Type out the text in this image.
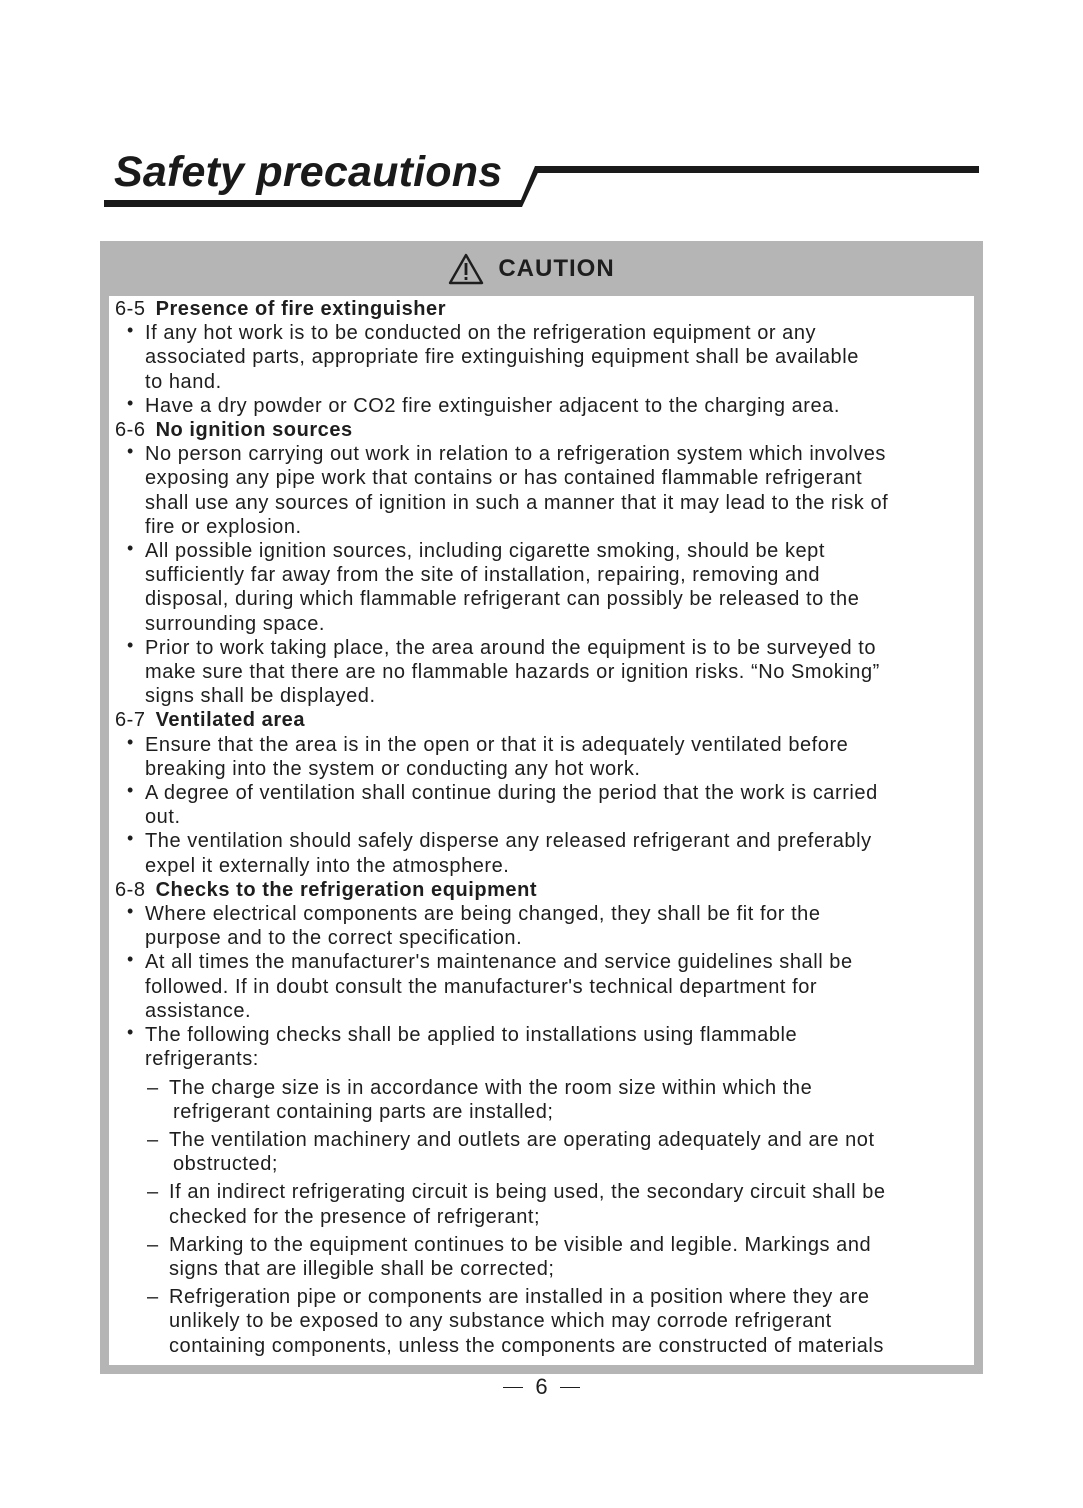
Safety precautions
CAUTION
6-5 Presence of fire extinguisher
• If any hot work is to be conducted on the refrigeration equipment or any
associated parts, appropriate fire extinguishing equipment shall be available
to hand.
• Have a dry powder or CO2 fire extinguisher adjacent to the charging area.
6-6 No ignition sources
• No person carrying out work in relation to a refrigeration system which involves
exposing any pipe work that contains or has contained flammable refrigerant
shall use any sources of ignition in such a manner that it may lead to the risk of
fire or explosion.
• All possible ignition sources, including cigarette smoking, should be kept
sufficiently far away from the site of installation, repairing, removing and
disposal, during which flammable refrigerant can possibly be released to the
surrounding space.
• Prior to work taking place, the area around the equipment is to be surveyed to
make sure that there are no flammable hazards or ignition risks. “No Smoking”
signs shall be displayed.
6-7 Ventilated area
• Ensure that the area is in the open or that it is adequately ventilated before
breaking into the system or conducting any hot work.
• A degree of ventilation shall continue during the period that the work is carried
out.
• The ventilation should safely disperse any released refrigerant and preferably
expel it externally into the atmosphere.
6-8 Checks to the refrigeration equipment
• Where electrical components are being changed, they shall be fit for the
purpose and to the correct specification.
• At all times the manufacturer's maintenance and service guidelines shall be
followed. If in doubt consult the manufacturer's technical department for
assistance.
• The following checks shall be applied to installations using flammable
refrigerants:
– The charge size is in accordance with the room size within which the
refrigerant containing parts are installed;
– The ventilation machinery and outlets are operating adequately and are not
obstructed;
– If an indirect refrigerating circuit is being used, the secondary circuit shall be
checked for the presence of refrigerant;
– Marking to the equipment continues to be visible and legible. Markings and
signs that are illegible shall be corrected;
– Refrigeration pipe or components are installed in a position where they are
unlikely to be exposed to any substance which may corrode refrigerant
containing components, unless the components are constructed of materials
6
